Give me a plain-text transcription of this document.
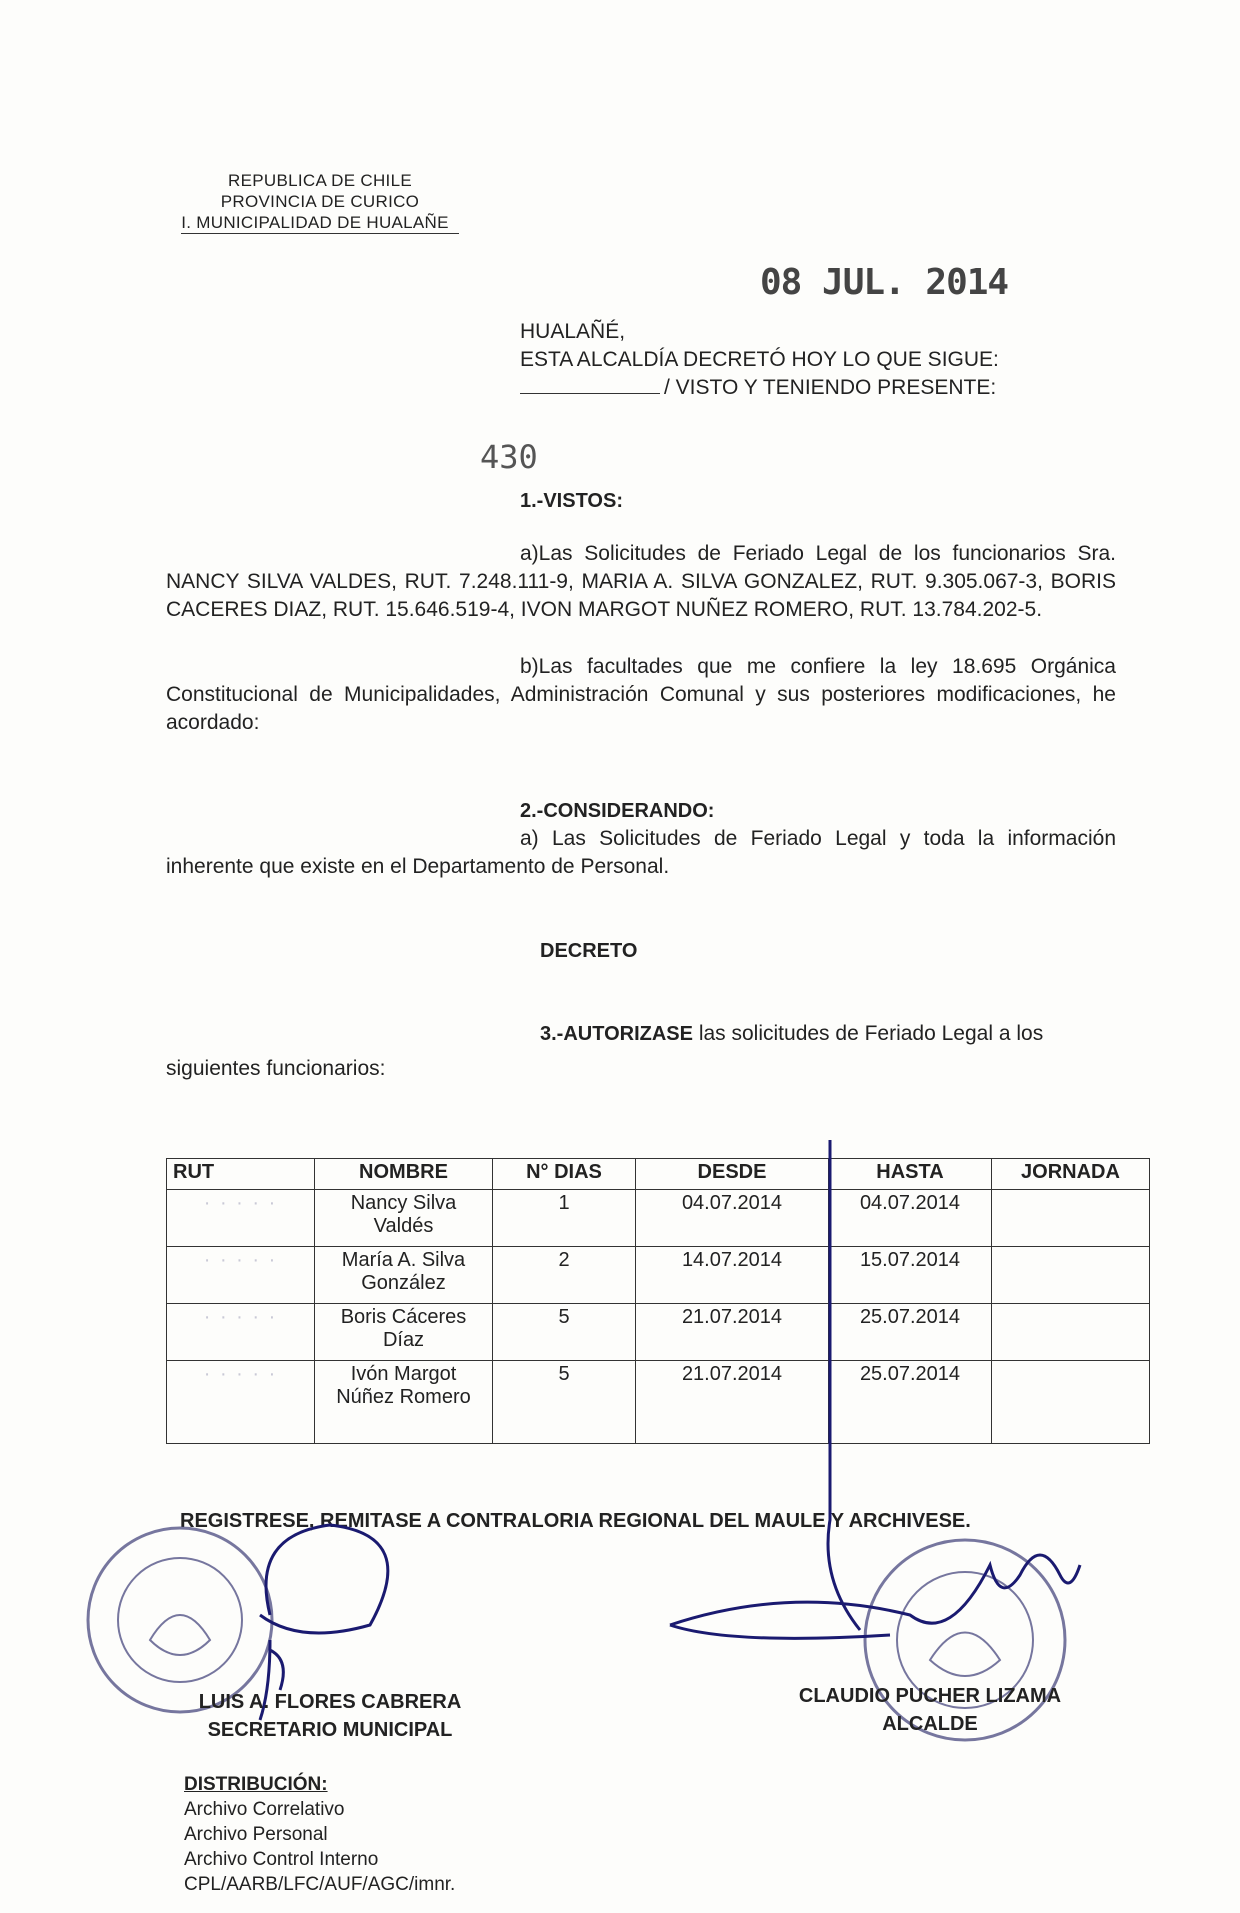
REPUBLICA DE CHILE
PROVINCIA DE CURICO
I. MUNICIPALIDAD DE HUALAÑE
08 JUL. 2014
HUALAÑÉ,
ESTA ALCALDÍA DECRETÓ HOY LO QUE SIGUE:
/ VISTO Y TENIENDO PRESENTE:
430
1.-VISTOS:
a)Las Solicitudes de Feriado Legal de los funcionarios Sra. NANCY SILVA VALDES, RUT. 7.248.111-9, MARIA A. SILVA GONZALEZ, RUT. 9.305.067-3, BORIS CACERES DIAZ, RUT. 15.646.519-4, IVON MARGOT NUÑEZ ROMERO, RUT. 13.784.202-5.
b)Las facultades que me confiere la ley 18.695 Orgánica Constitucional de Municipalidades, Administración Comunal y sus posteriores modificaciones, he acordado:
2.-CONSIDERANDO:
a) Las Solicitudes de Feriado Legal y toda la información inherente que existe en el Departamento de Personal.
DECRETO
3.-AUTORIZASE las solicitudes de Feriado Legal a los
siguientes funcionarios:
RUT	NOMBRE	N° DIAS	DESDE	HASTA	JORNADA
· · · · ·	Nancy Silva Valdés	1	04.07.2014	04.07.2014	
· · · · ·	María A. Silva González	2	14.07.2014	15.07.2014	
· · · · ·	Boris Cáceres Díaz	5	21.07.2014	25.07.2014	
· · · · ·	Ivón Margot Núñez Romero	5	21.07.2014	25.07.2014	
REGISTRESE, REMITASE A CONTRALORIA REGIONAL DEL MAULE Y ARCHIVESE.
LUIS A. FLORES CABRERA
SECRETARIO MUNICIPAL
CLAUDIO PUCHER LIZAMA
ALCALDE
DISTRIBUCIÓN:
Archivo Correlativo
Archivo Personal
Archivo Control Interno
CPL/AARB/LFC/AUF/AGC/imnr.
